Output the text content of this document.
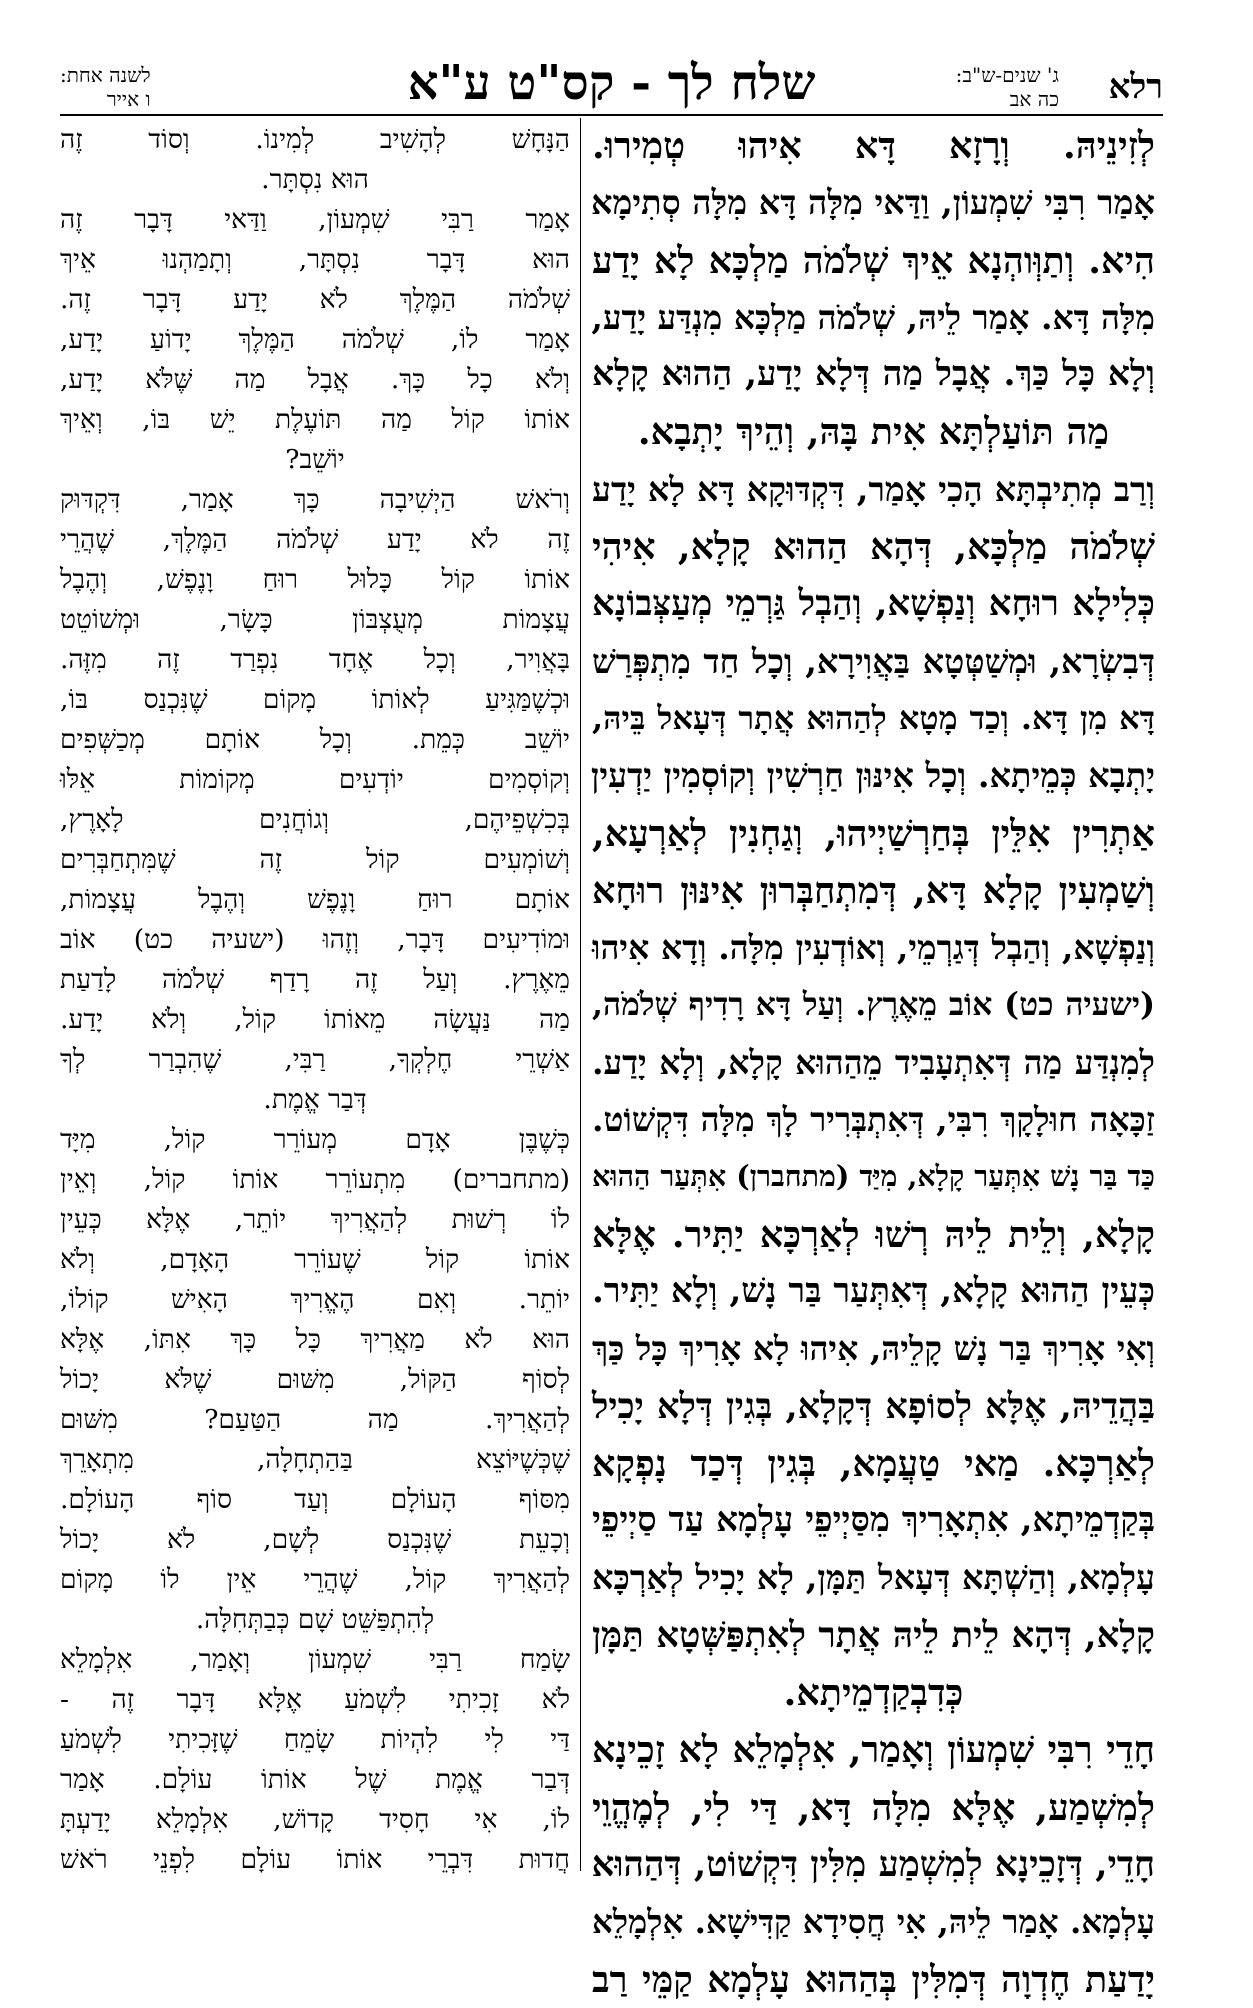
רלא
ג' שנים-ש"ב:
כה אב
שלח לך - קס"ט ע"א
לשנה אחת:
ו אייר
לְזִינֵיהּ. וְרָזָא דָּא אִיהוּ טְמִירוּ.
אָמַר רִבִּי שִׁמְעוֹן, וַדַּאי מִלָּה דָּא מִלָּה סְתִימָא
הִיא. וְתַוְּוהְנָא אֵיךְ שְׁלֹמֹה מַלְכָּא לָא יָדַע
מִלָּה דָּא. אָמַר לֵיהּ, שְׁלֹמֹה מַלְכָּא מִנְדַּע יָדַע,
וְלָא כָּל כַּךְ. אֲבָל מַה דְּלָא יָדַע, הַהוּא קָלָא
מַה תּוֹעַלְתָּא אִית בָּהּ, וְהֵיךְ יָתְבָא.
וְרַב מְתִיבְתָּא הָכִי אָמַר, דִּקְדּוּקָא דָּא לָא יָדַע
שְׁלֹמֹה מַלְכָּא, דְּהָא הַהוּא קָלָא, אִיהִי
כְּלִילָא רוּחָא וְנַפְשָׁא, וְהַבְל גַּרְמֵי מְעַצְּבוֹנָא
דְּבִשְׂרָא, וּמְשַׁטְּטָא בַּאֲוִירָא, וְכָל חַד מִתְפְּרַשׁ
דָּא מִן דָּא. וְכַד מָטָא לְהַהוּא אֲתָר דְּעָאל בֵּיהּ,
יָתְבָא כְּמֵיתָא. וְכָל אִינּוּן חַרְשִׁין וְקוֹסְמִין יַדְעִין
אַתְרִין אִלֵּין בְּחַרְשַׁיְיהוּ, וְגַחְנִין לְאַרְעָא,
וְשַׁמְעִין קָלָא דָּא, דְּמִתְחַבְּרוּן אִינּוּן רוּחָא
וְנַפְשָׁא, וְהַבְל דְּגַרְמֵי, וְאוֹדְעִין מִלָּה. וְדָא אִיהוּ
(ישעיה כט) אוֹב מֵאֶרֶץ. וְעַל דָּא רָדִיף שְׁלֹמֹה,
לְמִנְדַּע מַה דְּאִתְעָבִיד מֵהַהוּא קָלָא, וְלָא יָדַע.
זַכָּאָה חוּלָקָךְ רִבִּי, דְּאִתְבְּרִיר לָךְ מִלָּה דִּקְשׁוֹט.
כַּד בַּר נָשׁ אִתְּעַר קָלָא, מִיַּד (מתחברן) אִתְּעַר הַהוּא
קָלָא, וְלֵית לֵיהּ רְשׁוּ לְאַרְכָּא יַתִּיר. אֶלָּא
כְּעֵין הַהוּא קָלָא, דְּאִתְּעַר בַּר נָשׁ, וְלָא יַתִּיר.
וְאִי אָרִיךְ בַּר נָשׁ קָלֵיהּ, אִיהוּ לָא אָרִיךְ כָּל כַּךְ
בַּהֲדֵיהּ, אֶלָּא לְסוֹפָא דְּקָלָא, בְּגִין דְּלָא יָכִיל
לְאַרְכָּא. מַאי טַעֲמָא, בְּגִין דְּכַד נָפְקָא
בְּקַדְמֵיתָא, אִתְאָרִיךְ מִסַּיְיפֵי עָלְמָא עַד סַיְיפֵי
עָלְמָא, וְהַשְׁתָּא דְּעָאל תַּמָּן, לָא יָכִיל לְאַרְכָּא
קָלָא, דְּהָא לֵית לֵיהּ אֲתָר לְאִתְפַּשְּׁטָא תַּמָּן
כְּדִבְקַדְמֵיתָא.
חָדֵי רִבִּי שִׁמְעוֹן וְאָמַר, אִלְמָלֵא לָא זָכֵינָא
לְמִשְׁמַע, אֶלָּא מִלָּה דָּא, דַּי לִי, לְמֶהֱוֵי
חָדֵי, דְּזָכֵינָא לְמִשְׁמַע מִלִּין דִּקְשׁוֹט, דְּהַהוּא
עָלְמָא. אָמַר לֵיהּ, אִי חֲסִידָא קַדִּישָׁא. אִלְמָלֵא
יָדַעַת חֶדְוָה דְּמִלִּין בְּהַהוּא עָלְמָא קַמֵּי רַב
הַנָּחָשׁ לְהָשִׁיב לְמִינוֹ. וְסוֹד זֶה
הוּא נִסְתָּר.
אָמַר רַבִּי שִׁמְעוֹן, וַדַּאי דָּבָר זֶה
הוּא דָּבָר נִסְתָּר, וְתָמַהְנוּ אֵיךְ
שְׁלֹמֹה הַמֶּלֶךְ לֹא יָדַע דָּבָר זֶה.
אָמַר לוֹ, שְׁלֹמֹה הַמֶּלֶךְ יָדוֹעַ יָדַע,
וְלֹא כָל כָּךְ. אֲבָל מַה שֶּׁלֹּא יָדַע,
אוֹתוֹ קוֹל מַה תּוֹעֶלֶת יֵשׁ בּוֹ, וְאֵיךְ
יוֹשֵׁב?
וְרֹאשׁ הַיְשִׁיבָה כָּךְ אָמַר, דִּקְדּוּק
זֶה לֹא יָדַע שְׁלֹמֹה הַמֶּלֶךְ, שֶׁהֲרֵי
אוֹתוֹ קוֹל כָּלוּל רוּחַ וָנֶפֶשׁ, וְהֶבֶל
עֲצָמוֹת מְעֻצְבּוֹן כָּשָׂר, וּמְשׁוֹטֵט
בָּאֲוִיר, וְכָל אֶחָד נִפְרַד זֶה מִזֶּה.
וּכְשֶׁמַּגִּיעַ לְאוֹתוֹ מָקוֹם שֶׁנִּכְנַס בּוֹ,
יוֹשֵׁב כְּמֵת. וְכָל אוֹתָם מְכַשְּׁפִים
וְקוֹסְמִים יוֹדְעִים מְקוֹמוֹת אֵלּוּ
בְּכִשְׁפֵיהֶם, וְגוֹחֲנִים לָאָרֶץ,
וְשׁוֹמְעִים קוֹל זֶה שֶׁמִּתְחַבְּרִים
אוֹתָם רוּחַ וָנֶפֶשׁ וְהֶבֶל עֲצָמוֹת,
וּמוֹדִיעִים דָּבָר, וְזֶהוּ (ישעיה כט) אוֹב
מֵאֶרֶץ. וְעַל זֶה רָדַף שְׁלֹמֹה לָדַעַת
מַה נַּעֲשָׂה מֵאוֹתוֹ קוֹל, וְלֹא יָדַע.
אַשְׁרֵי חֶלְקְךָ, רַבִּי, שֶׁהִבְרַר לְךָ
דְּבַר אֱמֶת.
כְּשֶׁבֶּן אָדָם מְעוֹרֵר קוֹל, מִיָּד
(מתחברים) מִתְעוֹרֵר אוֹתוֹ קוֹל, וְאֵין
לוֹ רְשׁוּת לְהַאֲרִיךְ יוֹתֵר, אֶלָּא כְּעֵין
אוֹתוֹ קוֹל שֶׁעוֹרֵר הָאָדָם, וְלֹא
יוֹתֵר. וְאִם הֶאֱרִיךְ הָאִישׁ קוֹלוֹ,
הוּא לֹא מַאֲרִיךְ כָּל כָּךְ אִתּוֹ, אֶלָּא
לְסוֹף הַקּוֹל, מִשּׁוּם שֶׁלֹּא יָכוֹל
לְהַאֲרִיךְ. מַה הַטַּעַם? מִשּׁוּם
שֶׁכְּשֶׁיּוֹצֵא בַּהַתְחָלָה, מִתְאָרֵךְ
מִסּוֹף הָעוֹלָם וְעַד סוֹף הָעוֹלָם.
וְכָעֵת שֶׁנִּכְנַס לְשָׁם, לֹא יָכוֹל
לְהַאֲרִיךְ קוֹל, שֶׁהֲרֵי אֵין לוֹ מָקוֹם
לְהִתְפַּשֵּׁט שָׁם כְּבַתְּחִלָּה.
שָׂמַח רַבִּי שִׁמְעוֹן וְאָמַר, אִלְמָלֵא
לֹא זָכִיתִי לִשְׁמֹעַ אֶלָּא דָּבָר זֶה -
דַּי לִי לִהְיוֹת שָׂמֵחַ שֶׁזָּכִיתִי לִשְׁמֹעַ
דְּבַר אֱמֶת שֶׁל אוֹתוֹ עוֹלָם. אָמַר
לוֹ, אִי חָסִיד קָדוֹשׁ, אִלְמָלֵא יָדַעְתָּ
חֲדוּת דִּבְרֵי אוֹתוֹ עוֹלָם לִפְנֵי רֹאשׁ
